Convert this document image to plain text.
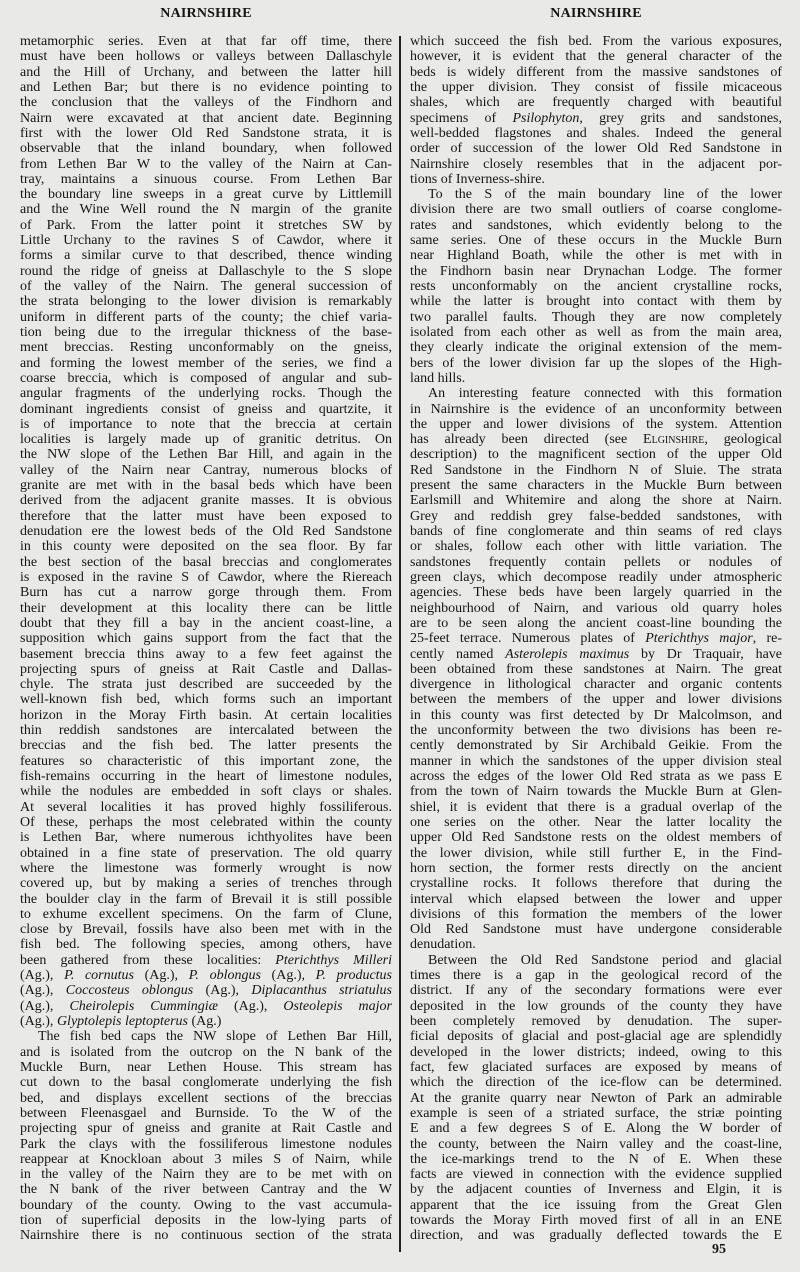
NAIRNSHIRE	NAIRNSHIRE
metamorphic series. Even at that far off time, there
must have been hollows or valleys between Dallaschyle
and the Hill of Urchany, and between the latter hill
and Lethen Bar; but there is no evidence pointing to
the conclusion that the valleys of the Findhorn and
Nairn were excavated at that ancient date. Beginning
first with the lower Old Red Sandstone strata, it is
observable that the inland boundary, when followed
from Lethen Bar W to the valley of the Nairn at Can-
tray, maintains a sinuous course. From Lethen Bar
the boundary line sweeps in a great curve by Littlemill
and the Wine Well round the N margin of the granite
of Park. From the latter point it stretches SW by
Little Urchany to the ravines S of Cawdor, where it
forms a similar curve to that described, thence winding
round the ridge of gneiss at Dallaschyle to the S slope
of the valley of the Nairn. The general succession of
the strata belonging to the lower division is remarkably
uniform in different parts of the county; the chief varia-
tion being due to the irregular thickness of the base-
ment breccias. Resting unconformably on the gneiss,
and forming the lowest member of the series, we find a
coarse breccia, which is composed of angular and sub-
angular fragments of the underlying rocks. Though the
dominant ingredients consist of gneiss and quartzite, it
is of importance to note that the breccia at certain
localities is largely made up of granitic detritus. On
the NW slope of the Lethen Bar Hill, and again in the
valley of the Nairn near Cantray, numerous blocks of
granite are met with in the basal beds which have been
derived from the adjacent granite masses. It is obvious
therefore that the latter must have been exposed to
denudation ere the lowest beds of the Old Red Sandstone
in this county were deposited on the sea floor. By far
the best section of the basal breccias and conglomerates
is exposed in the ravine S of Cawdor, where the Riereach
Burn has cut a narrow gorge through them. From
their development at this locality there can be little
doubt that they fill a bay in the ancient coast-line, a
supposition which gains support from the fact that the
basement breccia thins away to a few feet against the
projecting spurs of gneiss at Rait Castle and Dallas-
chyle. The strata just described are succeeded by the
well-known fish bed, which forms such an important
horizon in the Moray Firth basin. At certain localities
thin reddish sandstones are intercalated between the
breccias and the fish bed. The latter presents the
features so characteristic of this important zone, the
fish-remains occurring in the heart of limestone nodules,
while the nodules are embedded in soft clays or shales.
At several localities it has proved highly fossiliferous.
Of these, perhaps the most celebrated within the county
is Lethen Bar, where numerous ichthyolites have been
obtained in a fine state of preservation. The old quarry
where the limestone was formerly wrought is now
covered up, but by making a series of trenches through
the boulder clay in the farm of Brevail it is still possible
to exhume excellent specimens. On the farm of Clune,
close by Brevail, fossils have also been met with in the
fish bed. The following species, among others, have
been gathered from these localities: Pterichthys Milleri
(Ag.), P. cornutus (Ag.), P. oblongus (Ag.), P. productus
(Ag.), Coccosteus oblongus (Ag.), Diplacanthus striatulus
(Ag.), Cheirolepis Cummingiæ (Ag.), Osteolepis major
(Ag.), Glyptolepis leptopterus (Ag.)
The fish bed caps the NW slope of Lethen Bar Hill,
and is isolated from the outcrop on the N bank of the
Muckle Burn, near Lethen House. This stream has
cut down to the basal conglomerate underlying the fish
bed, and displays excellent sections of the breccias
between Fleenasgael and Burnside. To the W of the
projecting spur of gneiss and granite at Rait Castle and
Park the clays with the fossiliferous limestone nodules
reappear at Knockloan about 3 miles S of Nairn, while
in the valley of the Nairn they are to be met with on
the N bank of the river between Cantray and the W
boundary of the county. Owing to the vast accumula-
tion of superficial deposits in the low-lying parts of
Nairnshire there is no continuous section of the strata
which succeed the fish bed. From the various exposures,
however, it is evident that the general character of the
beds is widely different from the massive sandstones of
the upper division. They consist of fissile micaceous
shales, which are frequently charged with beautiful
specimens of Psilophyton, grey grits and sandstones,
well-bedded flagstones and shales. Indeed the general
order of succession of the lower Old Red Sandstone in
Nairnshire closely resembles that in the adjacent por-
tions of Inverness-shire.
To the S of the main boundary line of the lower
division there are two small outliers of coarse conglome-
rates and sandstones, which evidently belong to the
same series. One of these occurs in the Muckle Burn
near Highland Boath, while the other is met with in
the Findhorn basin near Drynachan Lodge. The former
rests unconformably on the ancient crystalline rocks,
while the latter is brought into contact with them by
two parallel faults. Though they are now completely
isolated from each other as well as from the main area,
they clearly indicate the original extension of the mem-
bers of the lower division far up the slopes of the High-
land hills.
An interesting feature connected with this formation
in Nairnshire is the evidence of an unconformity between
the upper and lower divisions of the system. Attention
has already been directed (see Elginshire, geological
description) to the magnificent section of the upper Old
Red Sandstone in the Findhorn N of Sluie. The strata
present the same characters in the Muckle Burn between
Earlsmill and Whitemire and along the shore at Nairn.
Grey and reddish grey false-bedded sandstones, with
bands of fine conglomerate and thin seams of red clays
or shales, follow each other with little variation. The
sandstones frequently contain pellets or nodules of
green clays, which decompose readily under atmospheric
agencies. These beds have been largely quarried in the
neighbourhood of Nairn, and various old quarry holes
are to be seen along the ancient coast-line bounding the
25-feet terrace. Numerous plates of Pterichthys major, re-
cently named Asterolepis maximus by Dr Traquair, have
been obtained from these sandstones at Nairn. The great
divergence in lithological character and organic contents
between the members of the upper and lower divisions
in this county was first detected by Dr Malcolmson, and
the unconformity between the two divisions has been re-
cently demonstrated by Sir Archibald Geikie. From the
manner in which the sandstones of the upper division steal
across the edges of the lower Old Red strata as we pass E
from the town of Nairn towards the Muckle Burn at Glen-
shiel, it is evident that there is a gradual overlap of the
one series on the other. Near the latter locality the
upper Old Red Sandstone rests on the oldest members of
the lower division, while still further E, in the Find-
horn section, the former rests directly on the ancient
crystalline rocks. It follows therefore that during the
interval which elapsed between the lower and upper
divisions of this formation the members of the lower
Old Red Sandstone must have undergone considerable
denudation.
Between the Old Red Sandstone period and glacial
times there is a gap in the geological record of the
district. If any of the secondary formations were ever
deposited in the low grounds of the county they have
been completely removed by denudation. The super-
ficial deposits of glacial and post-glacial age are splendidly
developed in the lower districts; indeed, owing to this
fact, few glaciated surfaces are exposed by means of
which the direction of the ice-flow can be determined.
At the granite quarry near Newton of Park an admirable
example is seen of a striated surface, the striæ pointing
E and a few degrees S of E. Along the W border of
the county, between the Nairn valley and the coast-line,
the ice-markings trend to the N of E. When these
facts are viewed in connection with the evidence supplied
by the adjacent counties of Inverness and Elgin, it is
apparent that the ice issuing from the Great Glen
towards the Moray Firth moved first of all in an ENE
direction, and was gradually deflected towards the E
95
